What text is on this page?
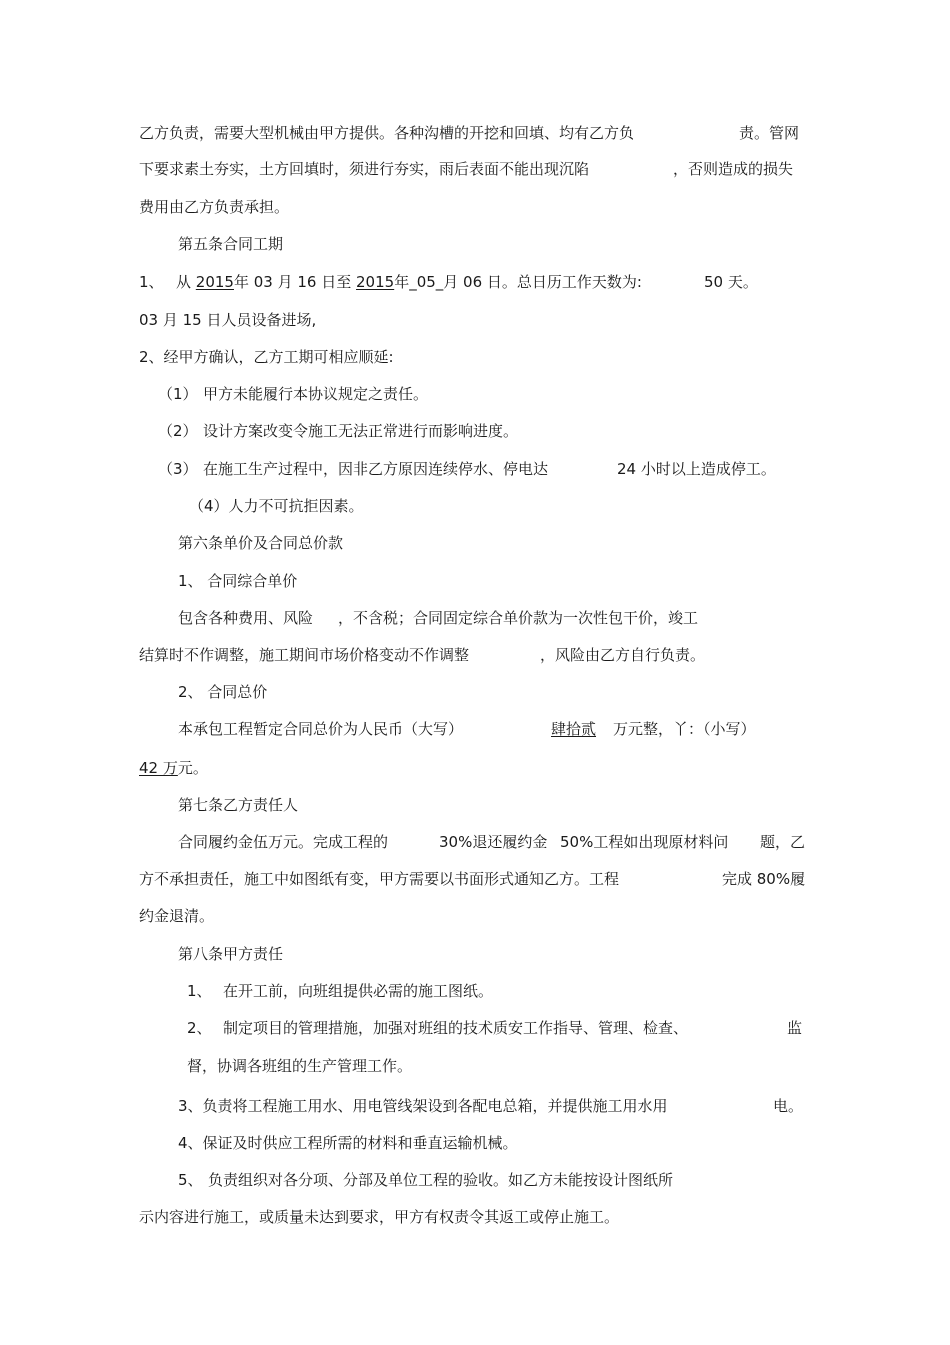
乙方负责，需要大型机械由甲方提供。各种沟槽的开挖和回填、均有乙方负	责。管网
下要求素土夯实，土方回填时，须进行夯实，雨后表面不能出现沉陷	，否则造成的损失
费用由乙方负责承担。
第五条合同工期
1、 从 2015年 03 月 16 日至 2015年_05_月 06 日。总日历工作天数为:	50 天。
03 月 15 日人员设备进场,
2、经甲方确认，乙方工期可相应顺延:
（1） 甲方未能履行本协议规定之责任。
（2） 设计方案改变令施工无法正常进行而影响进度。
（3） 在施工生产过程中，因非乙方原因连续停水、停电达	24 小时以上造成停工。
（4）人力不可抗拒因素。
第六条单价及合同总价款
1、 合同综合单价
包含各种费用、风险 ，不含税；合同固定综合单价款为一次性包干价，竣工
结算时不作调整，施工期间市场价格变动不作调整	，风险由乙方自行负责。
2、 合同总价
本承包工程暂定合同总价为人民币（大写）	肆拾贰 万元整，丫：（小写）
42 万元。
第七条乙方责任人
合同履约金伍万元。完成工程的	30%退还履约金 50%工程如出现原材料问 题，乙
方不承担责任，施工中如图纸有变，甲方需要以书面形式通知乙方。工程	完成 80%履
约金退清。
第八条甲方责任
1、 在开工前，向班组提供必需的施工图纸。
2、 制定项目的管理措施，加强对班组的技术质安工作指导、管理、检查、	监
督，协调各班组的生产管理工作。
3、负责将工程施工用水、用电管线架设到各配电总箱，并提供施工用水用	电。
4、保证及时供应工程所需的材料和垂直运输机械。
5、 负责组织对各分项、分部及单位工程的验收。如乙方未能按设计图纸所
示内容进行施工，或质量未达到要求，甲方有权责令其返工或停止施工。
